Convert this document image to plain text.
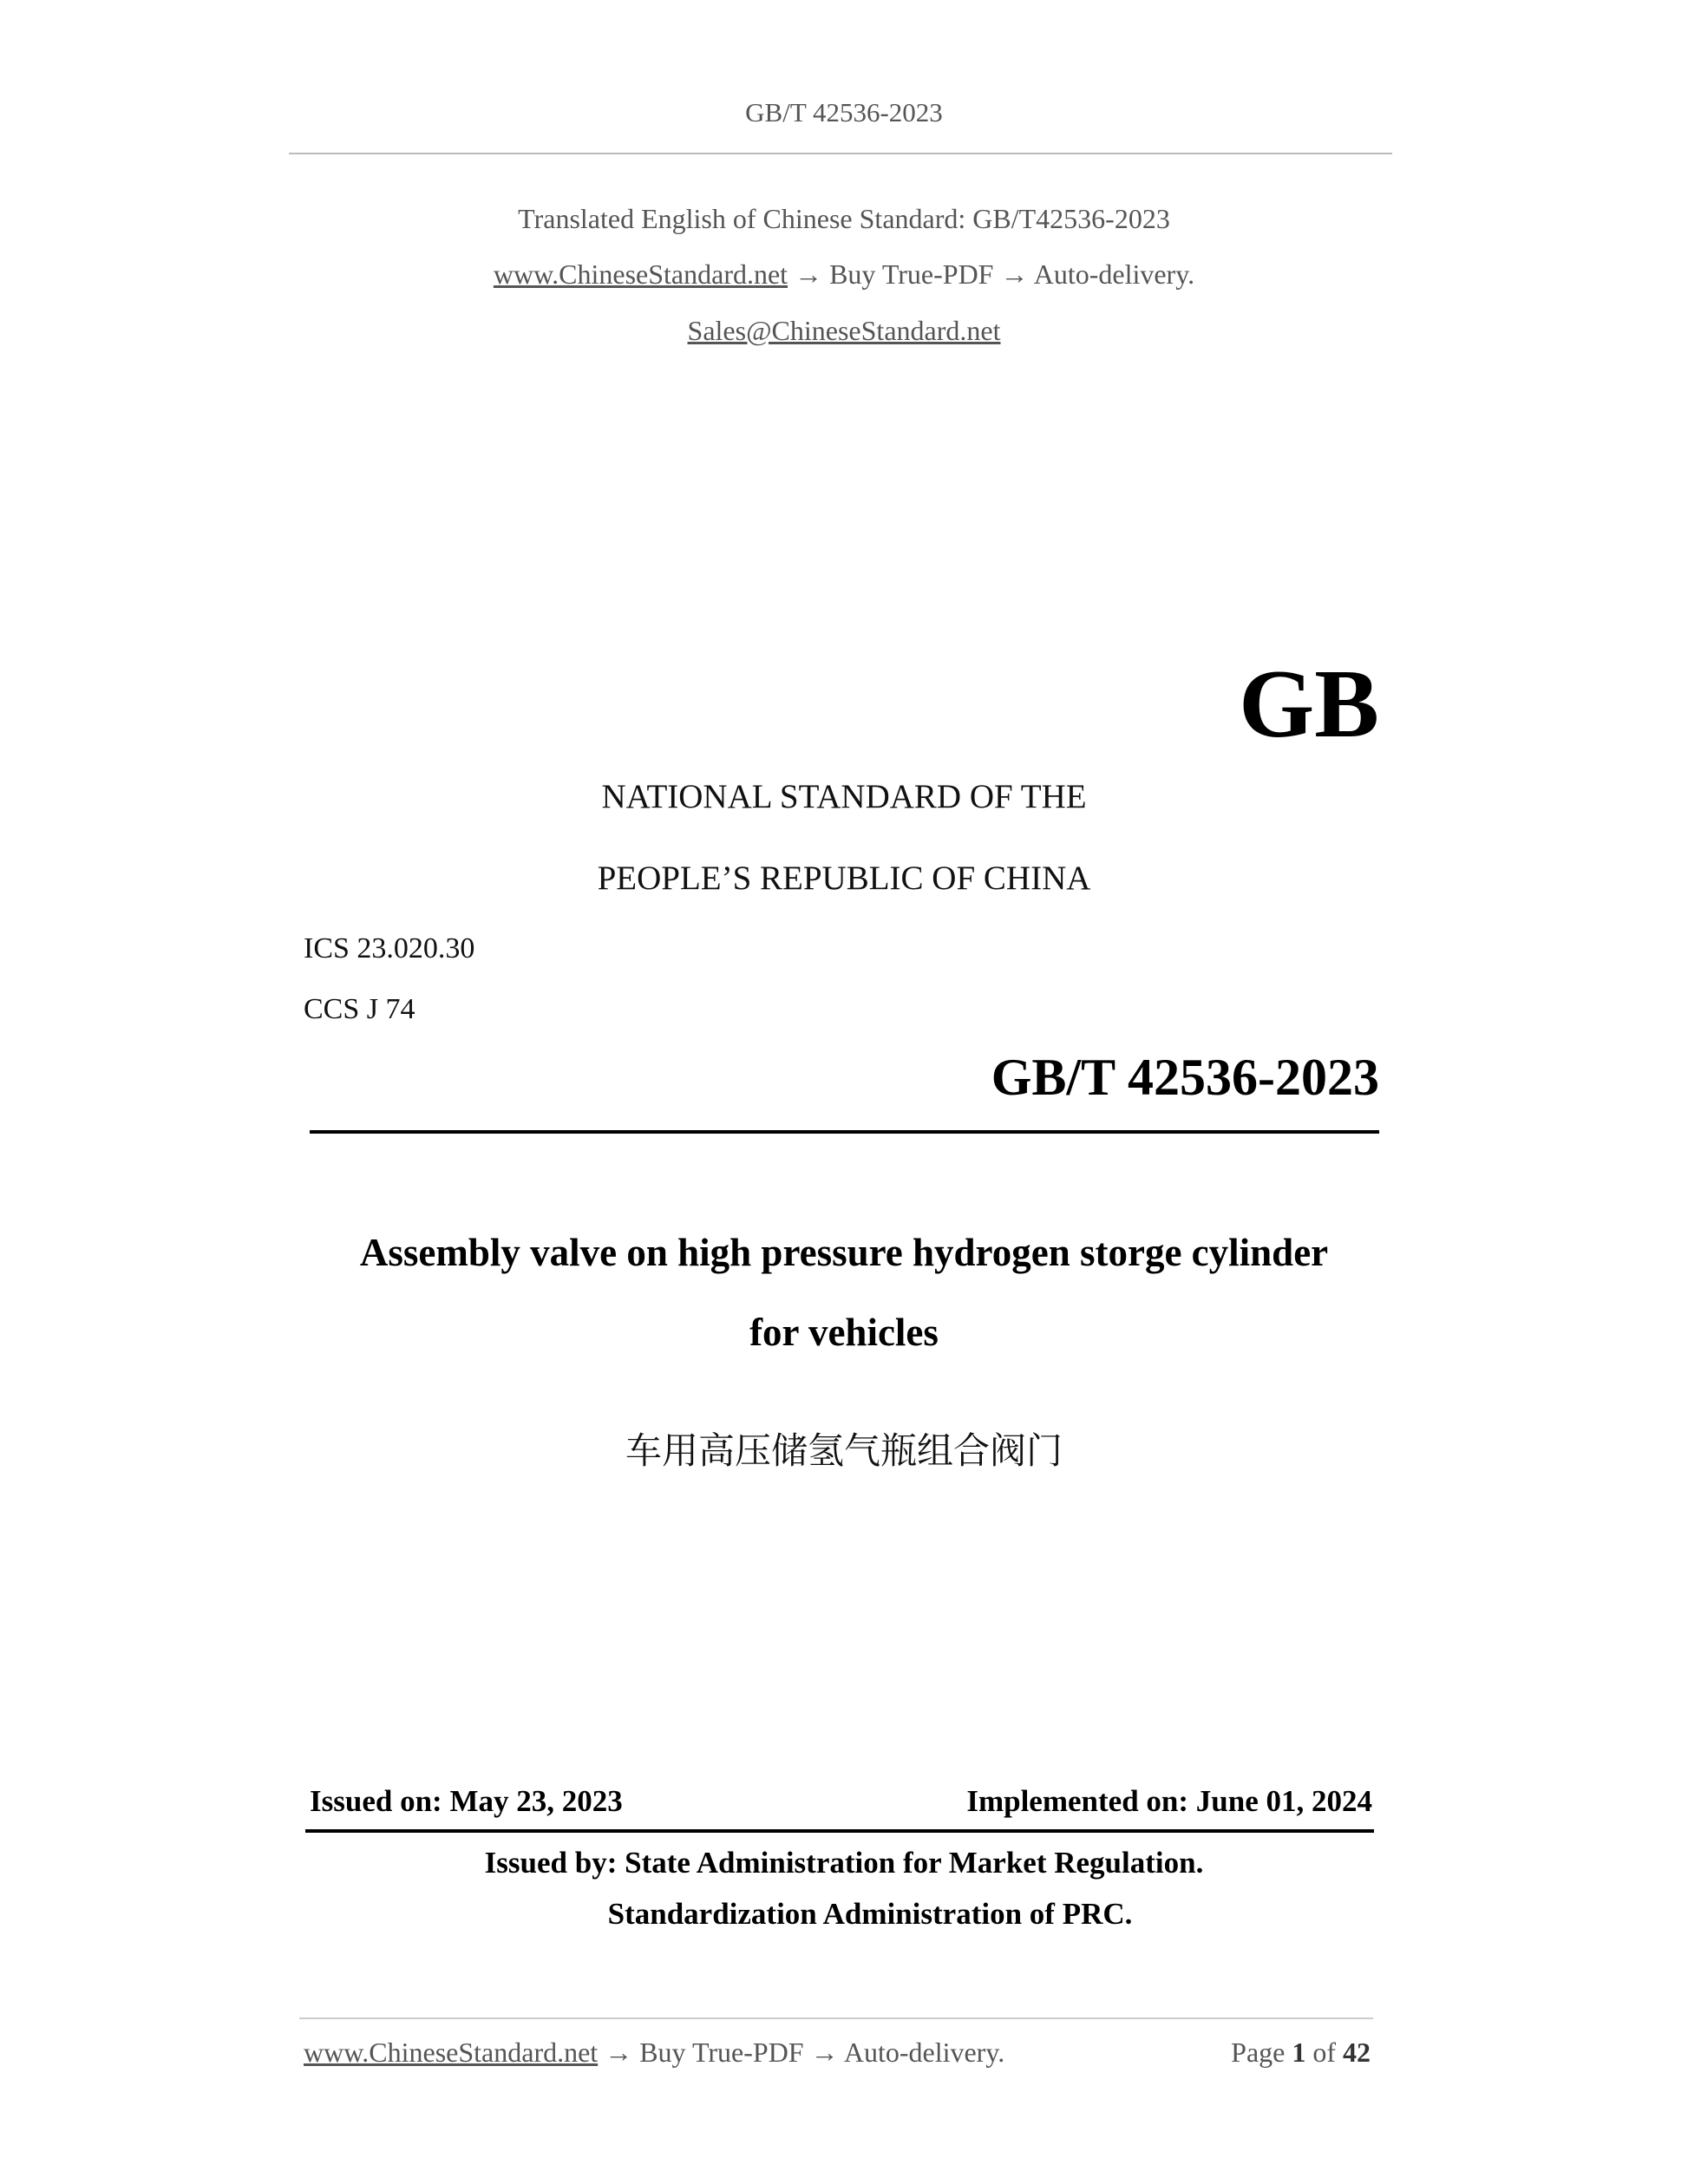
GB/T 42536-2023
Translated English of Chinese Standard: GB/T42536-2023
www.ChineseStandard.net → Buy True-PDF → Auto-delivery.
Sales@ChineseStandard.net
GB
NATIONAL STANDARD OF THE
PEOPLE’S REPUBLIC OF CHINA
ICS 23.020.30
CCS J 74
GB/T 42536-2023
Assembly valve on high pressure hydrogen storge cylinder
for vehicles
车用高压储氢气瓶组合阀门
Issued on: May 23, 2023	Implemented on: June 01, 2024
Issued by: State Administration for Market Regulation.
Standardization Administration of PRC.
www.ChineseStandard.net → Buy True-PDF → Auto-delivery.	Page 1 of 42
